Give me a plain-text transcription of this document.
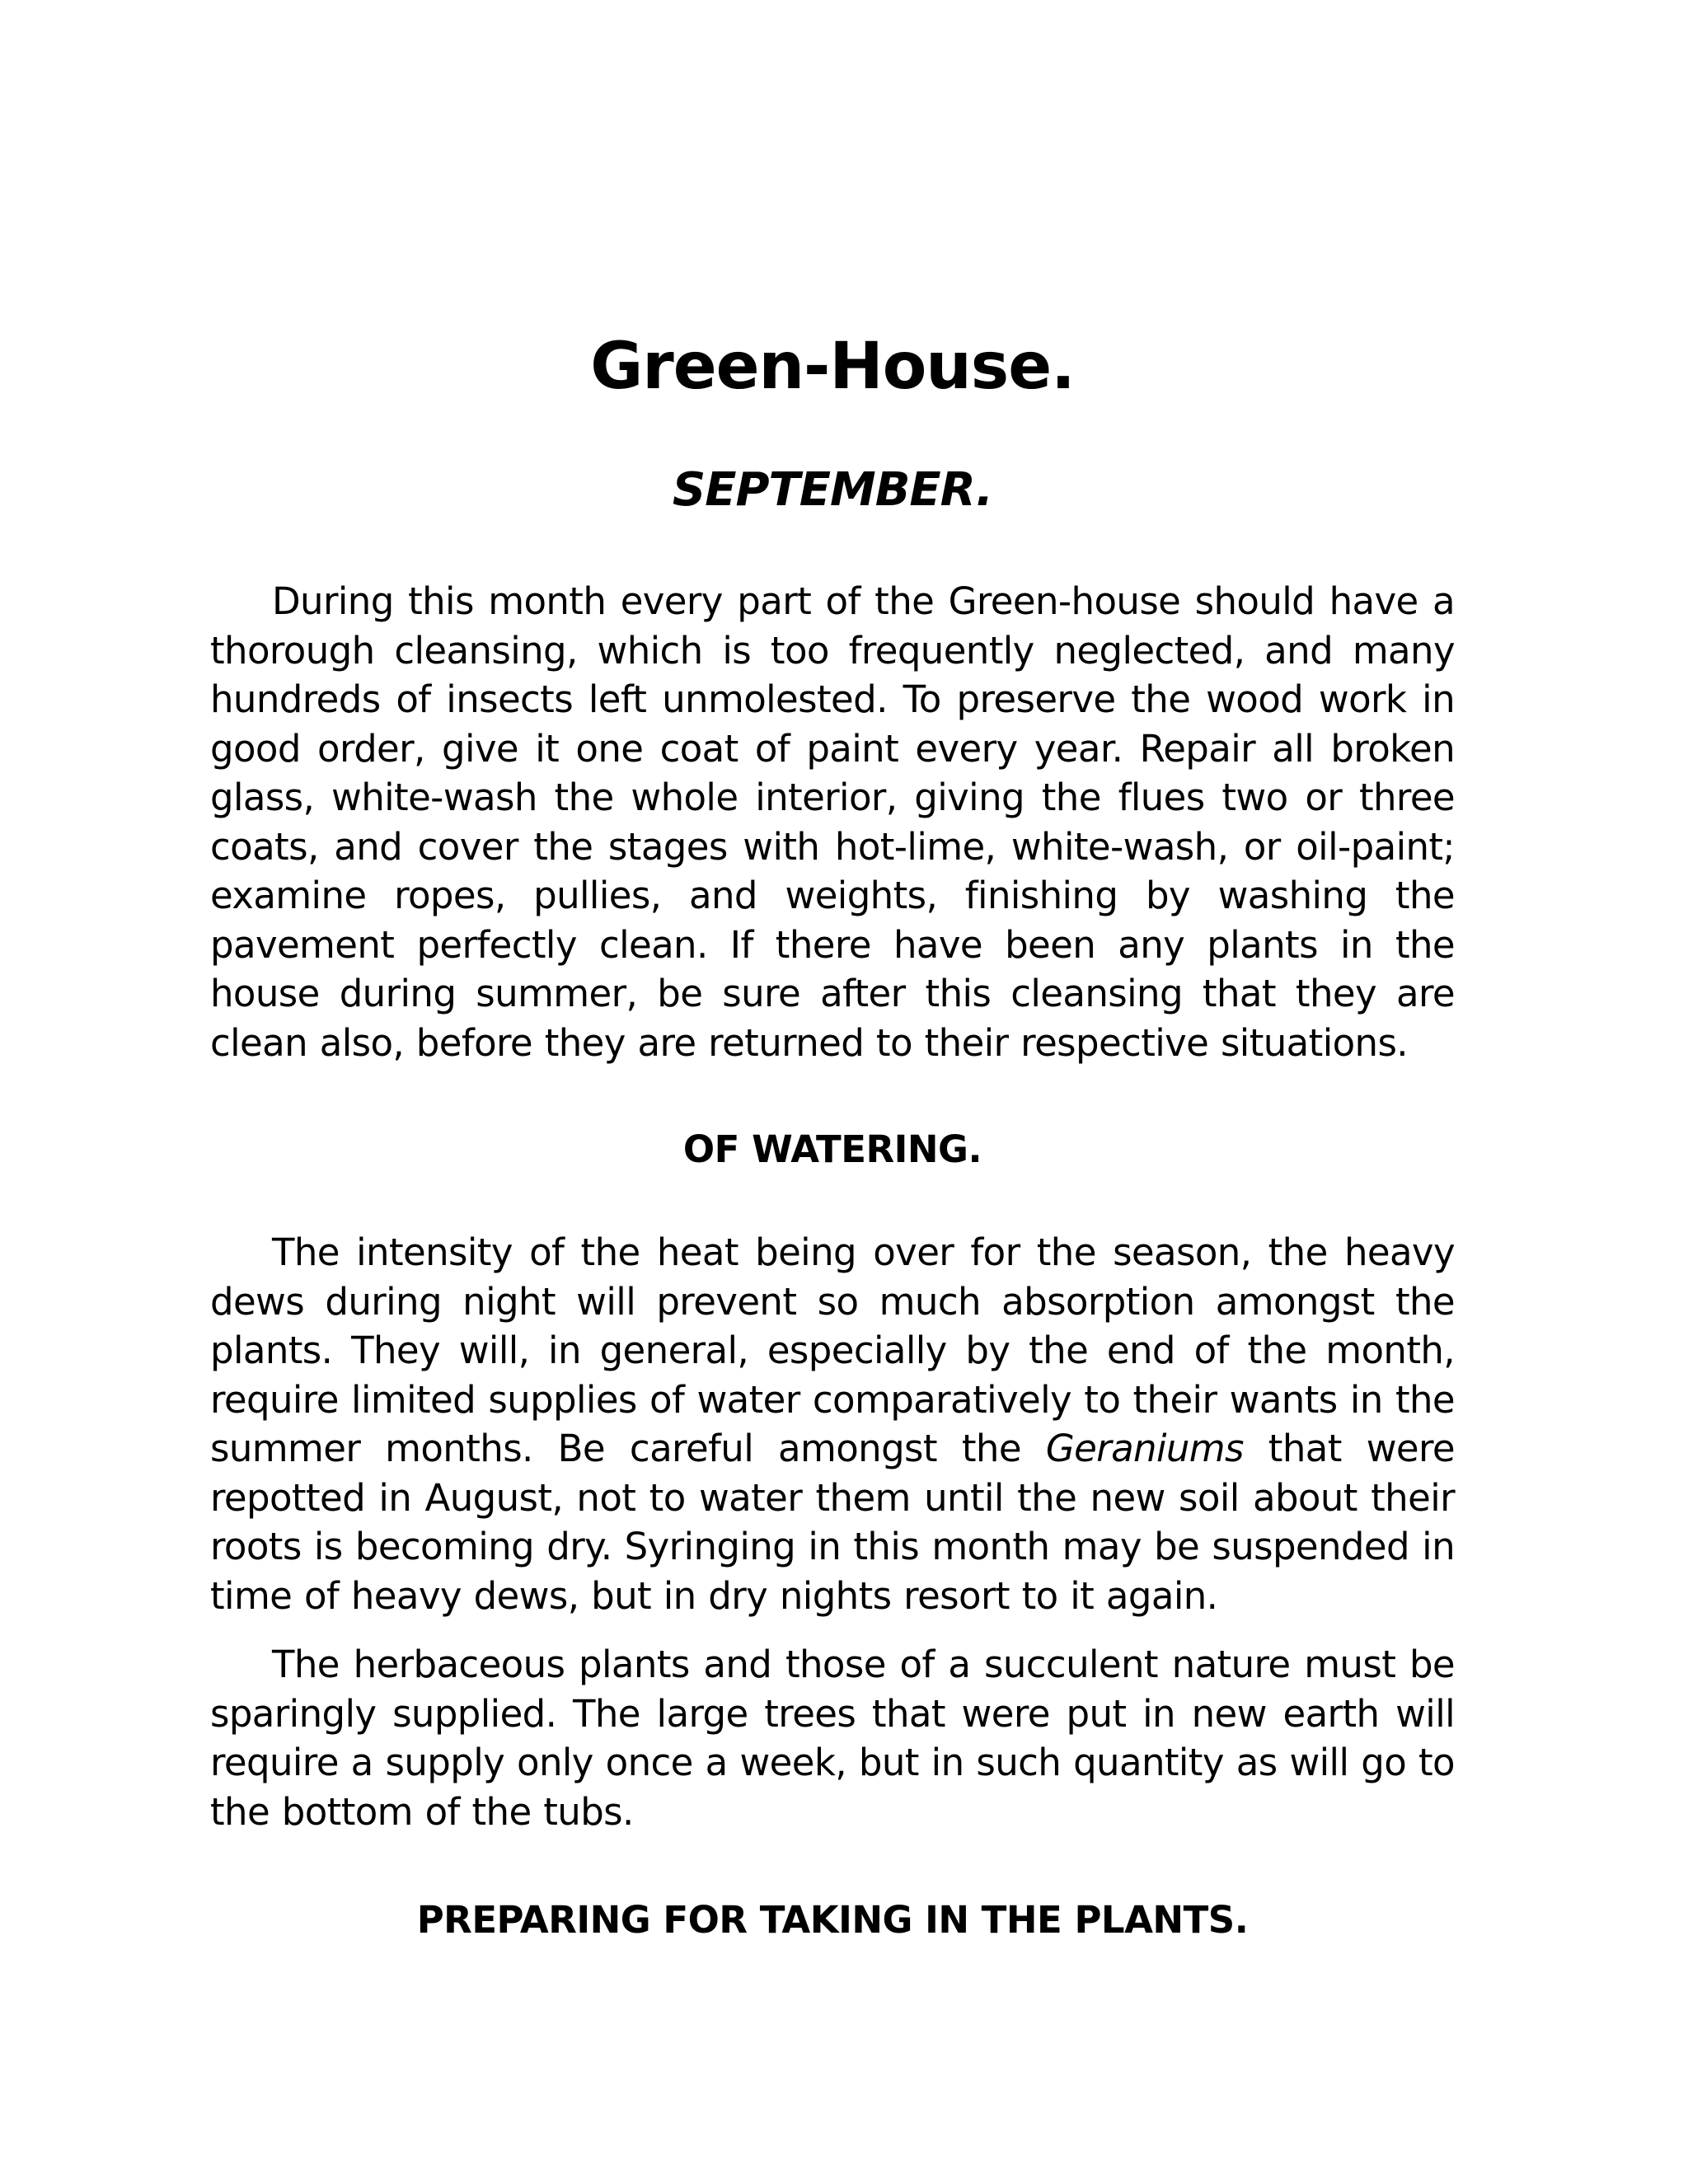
Green-House.
SEPTEMBER.

During this month every part of the Green-house should have a thorough cleansing, which is too frequently neglected, and many hundreds of insects left unmolested. To preserve the wood work in good order, give it one coat of paint every year. Repair all broken glass, white-wash the whole interior, giving the flues two or three coats, and cover the stages with hot-lime, white-wash, or oil-paint; examine ropes, pullies, and weights, finishing by washing the pavement perfectly clean. If there have been any plants in the house during summer, be sure after this cleansing that they are clean also, before they are returned to their respective situations.

OF WATERING.

The intensity of the heat being over for the season, the heavy dews during night will prevent so much absorption amongst the plants. They will, in general, especially by the end of the month, require limited supplies of water comparatively to their wants in the summer months. Be careful amongst the Geraniums that were repotted in August, not to water them until the new soil about their roots is becoming dry. Syringing in this month may be suspended in time of heavy dews, but in dry nights resort to it again.

The herbaceous plants and those of a succulent nature must be sparingly supplied. The large trees that were put in new earth will require a supply only once a week, but in such quantity as will go to the bottom of the tubs.

PREPARING FOR TAKING IN THE PLANTS.
